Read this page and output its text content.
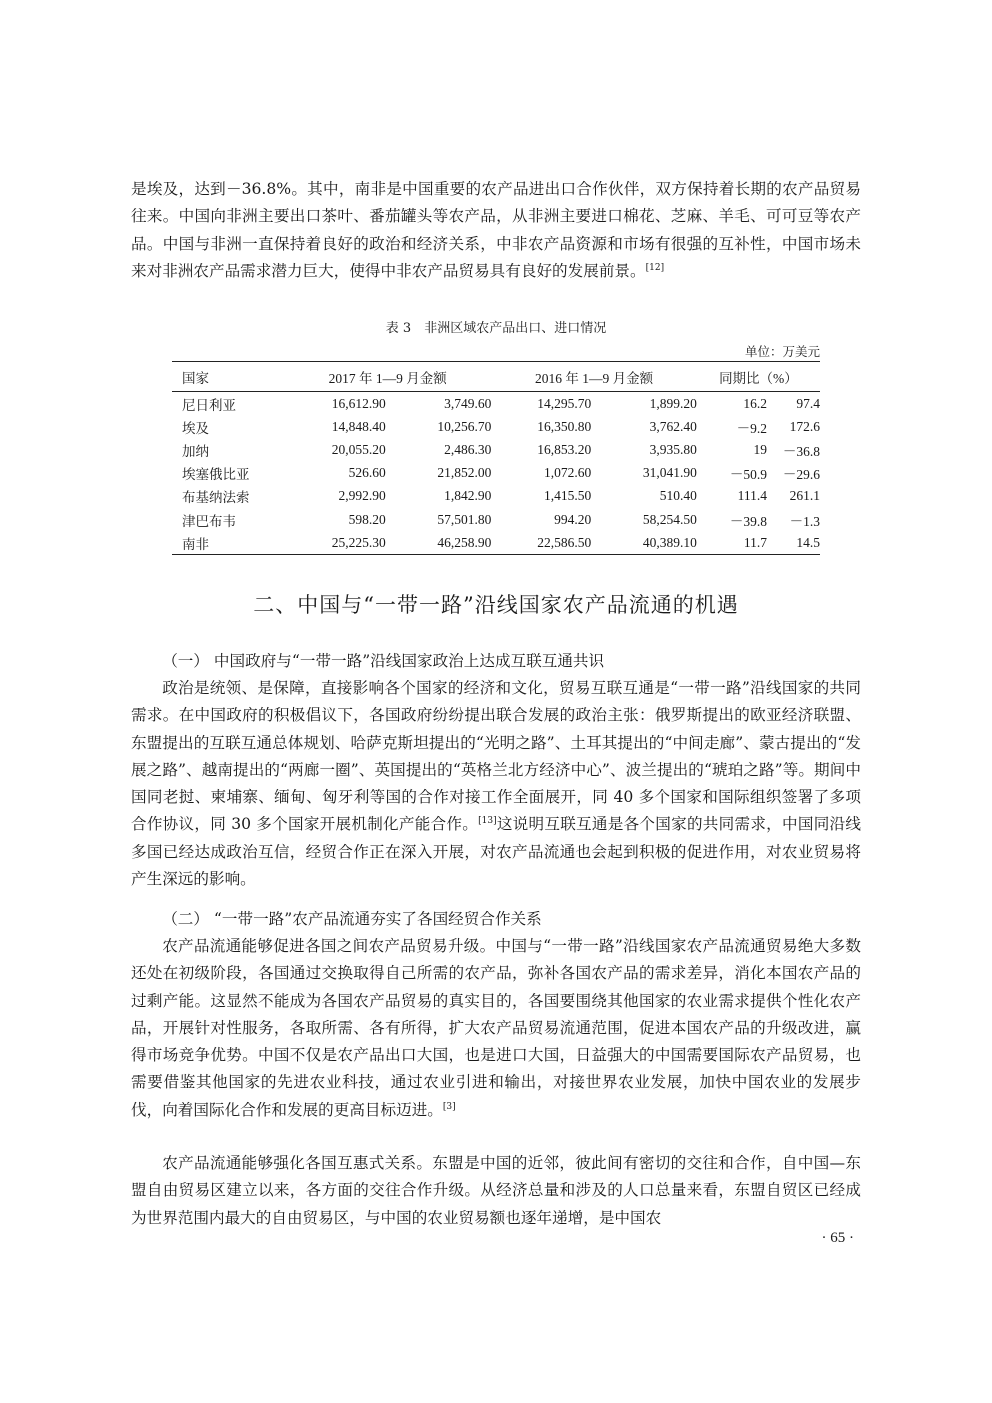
是埃及，达到－36.8%。其中，南非是中国重要的农产品进出口合作伙伴，双方保持着长期的农产品贸易往来。中国向非洲主要出口茶叶、番茄罐头等农产品，从非洲主要进口棉花、芝麻、羊毛、可可豆等农产品。中国与非洲一直保持着良好的政治和经济关系，中非农产品资源和市场有很强的互补性，中国市场未来对非洲农产品需求潜力巨大，使得中非农产品贸易具有良好的发展前景。[12]

表 3　非洲区域农产品出口、进口情况
单位：万美元
国家	2017 年 1—9 月金额		2016 年 1—9 月金额		同期比（%）	
尼日利亚	16,612.90	3,749.60	14,295.70	1,899.20	16.2	97.4
埃及	14,848.40	10,256.70	16,350.80	3,762.40	－9.2	172.6
加纳	20,055.20	2,486.30	16,853.20	3,935.80	19	－36.8
埃塞俄比亚	526.60	21,852.00	1,072.60	31,041.90	－50.9	－29.6
布基纳法索	2,992.90	1,842.90	1,415.50	510.40	111.4	261.1
津巴布韦	598.20	57,501.80	994.20	58,254.50	－39.8	－1.3
南非	25,225.30	46,258.90	22,586.50	40,389.10	11.7	14.5
二、中国与“一带一路”沿线国家农产品流通的机遇

（一） 中国政府与“一带一路”沿线国家政治上达成互联互通共识

政治是统领、是保障，直接影响各个国家的经济和文化，贸易互联互通是“一带一路”沿线国家的共同需求。在中国政府的积极倡议下，各国政府纷纷提出联合发展的政治主张：俄罗斯提出的欧亚经济联盟、东盟提出的互联互通总体规划、哈萨克斯坦提出的“光明之路”、土耳其提出的“中间走廊”、蒙古提出的“发展之路”、越南提出的“两廊一圈”、英国提出的“英格兰北方经济中心”、波兰提出的“琥珀之路”等。期间中国同老挝、柬埔寨、缅甸、匈牙利等国的合作对接工作全面展开，同 40 多个国家和国际组织签署了多项合作协议，同 30 多个国家开展机制化产能合作。[13]这说明互联互通是各个国家的共同需求，中国同沿线多国已经达成政治互信，经贸合作正在深入开展，对农产品流通也会起到积极的促进作用，对农业贸易将产生深远的影响。

（二） “一带一路”农产品流通夯实了各国经贸合作关系

农产品流通能够促进各国之间农产品贸易升级。中国与“一带一路”沿线国家农产品流通贸易绝大多数还处在初级阶段，各国通过交换取得自己所需的农产品，弥补各国农产品的需求差异，消化本国农产品的过剩产能。这显然不能成为各国农产品贸易的真实目的，各国要围绕其他国家的农业需求提供个性化农产品，开展针对性服务，各取所需、各有所得，扩大农产品贸易流通范围，促进本国农产品的升级改进，赢得市场竞争优势。中国不仅是农产品出口大国，也是进口大国，日益强大的中国需要国际农产品贸易，也需要借鉴其他国家的先进农业科技，通过农业引进和输出，对接世界农业发展，加快中国农业的发展步伐，向着国际化合作和发展的更高目标迈进。[3]

农产品流通能够强化各国互惠式关系。东盟是中国的近邻，彼此间有密切的交往和合作，自中国—东盟自由贸易区建立以来，各方面的交往合作升级。从经济总量和涉及的人口总量来看，东盟自贸区已经成为世界范围内最大的自由贸易区，与中国的农业贸易额也逐年递增，是中国农

· 65 ·
